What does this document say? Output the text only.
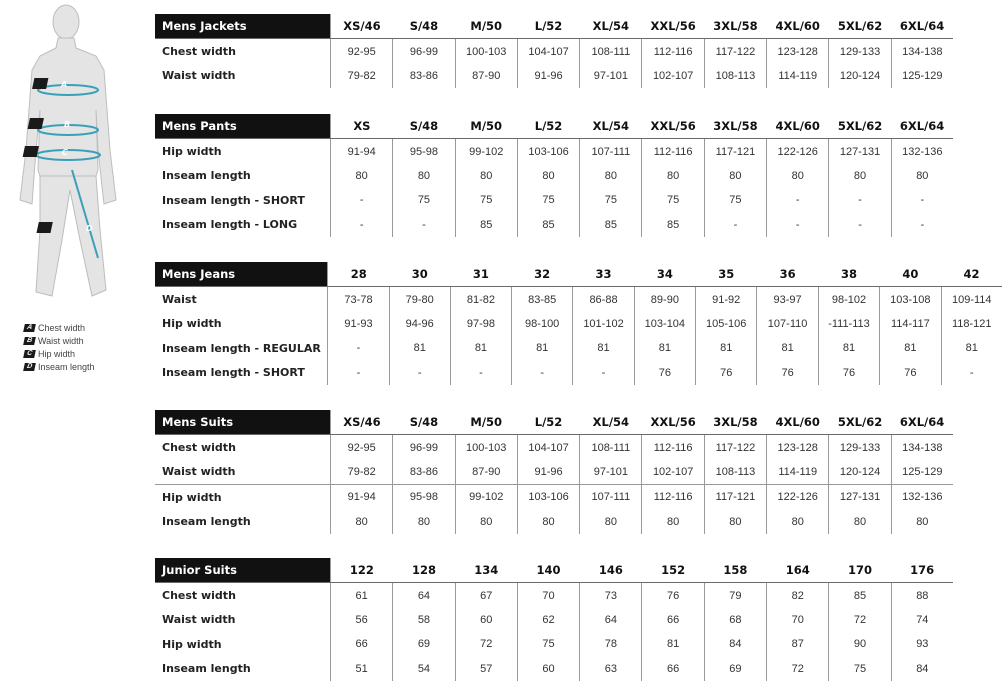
A
B
C
D
A Chest width
B Waist width
C Hip width
D Inseam length
Mens Jackets	XS/46	S/48	M/50	L/52	XL/54	XXL/56	3XL/58	4XL/60	5XL/62	6XL/64
Chest width	92-95	96-99	100-103	104-107	108-111	112-116	117-122	123-128	129-133	134-138
Waist width	79-82	83-86	87-90	91-96	97-101	102-107	108-113	114-119	120-124	125-129
Mens Pants	XS	S/48	M/50	L/52	XL/54	XXL/56	3XL/58	4XL/60	5XL/62	6XL/64
Hip width	91-94	95-98	99-102	103-106	107-111	112-116	117-121	122-126	127-131	132-136
Inseam length	80	80	80	80	80	80	80	80	80	80
Inseam length - SHORT	-	75	75	75	75	75	75	-	-	-
Inseam length - LONG	-	-	85	85	85	85	-	-	-	-
Mens Jeans	28	30	31	32	33	34	35	36	38	40	42
Waist	73-78	79-80	81-82	83-85	86-88	89-90	91-92	93-97	98-102	103-108	109-114
Hip width	91-93	94-96	97-98	98-100	101-102	103-104	105-106	107-110	-111-113	114-117	118-121
Inseam length - REGULAR	-	81	81	81	81	81	81	81	81	81	81
Inseam length - SHORT	-	-	-	-	-	76	76	76	76	76	-
Mens Suits	XS/46	S/48	M/50	L/52	XL/54	XXL/56	3XL/58	4XL/60	5XL/62	6XL/64
Chest width	92-95	96-99	100-103	104-107	108-111	112-116	117-122	123-128	129-133	134-138
Waist width	79-82	83-86	87-90	91-96	97-101	102-107	108-113	114-119	120-124	125-129
Hip width	91-94	95-98	99-102	103-106	107-111	112-116	117-121	122-126	127-131	132-136
Inseam length	80	80	80	80	80	80	80	80	80	80
Junior Suits	122	128	134	140	146	152	158	164	170	176
Chest width	61	64	67	70	73	76	79	82	85	88
Waist width	56	58	60	62	64	66	68	70	72	74
Hip width	66	69	72	75	78	81	84	87	90	93
Inseam length	51	54	57	60	63	66	69	72	75	84
